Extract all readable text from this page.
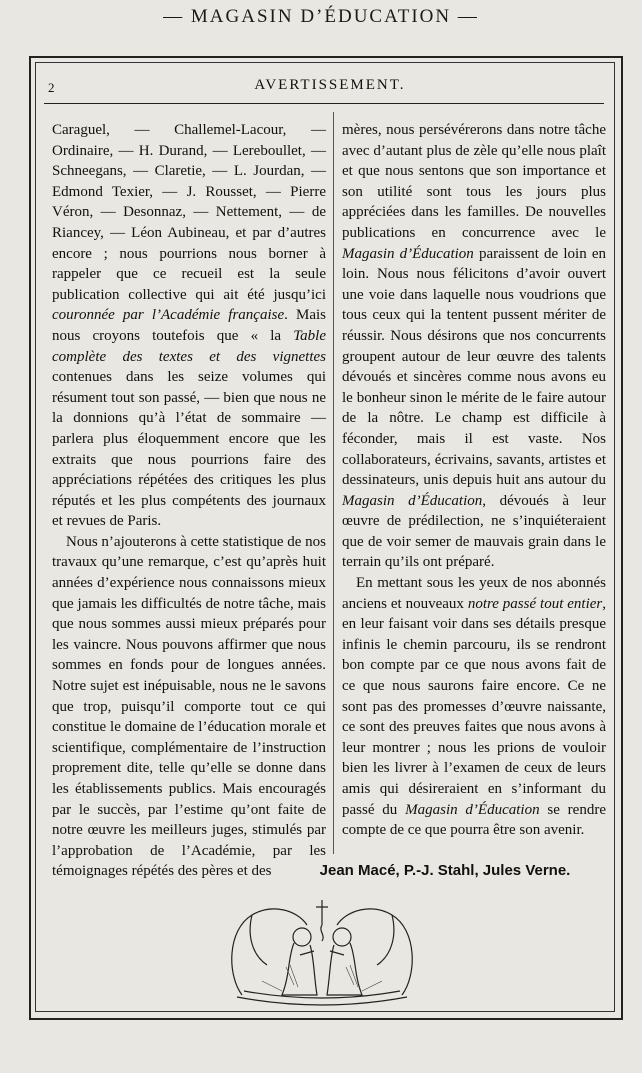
— MAGASIN D’ÉDUCATION —
2	AVERTISSEMENT.

Caraguel, — Challemel-Lacour, — Ordinaire, — H. Durand, — Lereboullet, — Schneegans, — Claretie, — L. Jourdan, — Edmond Texier, — J. Rousset, — Pierre Véron, — Desonnaz, — Nettement, — de Riancey, — Léon Aubineau, et par d’autres encore ; nous pourrions nous borner à rappeler que ce recueil est la seule publication collective qui ait été jusqu’ici couronnée par l’Académie française. Mais nous croyons toutefois que « la Table complète des textes et des vignettes contenues dans les seize volumes qui résument tout son passé, — bien que nous ne la donnions qu’à l’état de sommaire — parlera plus éloquemment encore que les extraits que nous pourrions faire des appréciations répétées des critiques les plus réputés et les plus compétents des journaux et revues de Paris.

Nous n’ajouterons à cette statistique de nos travaux qu’une remarque, c’est qu’après huit années d’expérience nous connaissons mieux que jamais les difficultés de notre tâche, mais que nous sommes aussi mieux préparés pour les vaincre. Nous pouvons affirmer que nous sommes en fonds pour de longues années. Notre sujet est inépuisable, nous ne le savons que trop, puisqu’il comporte tout ce qui constitue le domaine de l’éducation morale et scientifique, complémentaire de l’instruction proprement dite, telle qu’elle se donne dans les établissements publics. Mais encouragés par le succès, par l’estime qu’ont faite de notre œuvre les meilleurs juges, stimulés par l’approbation de l’Académie, par les témoignages répétés des pères et des

mères, nous persévérerons dans notre tâche avec d’autant plus de zèle qu’elle nous plaît et que nous sentons que son importance et son utilité sont tous les jours plus appréciées dans les familles. De nouvelles publications en concurrence avec le Magasin d’Éducation paraissent de loin en loin. Nous nous félicitons d’avoir ouvert une voie dans laquelle nous voudrions que tous ceux qui la tentent pussent mériter de réussir. Nous désirons que nos concurrents groupent autour de leur œuvre des talents dévoués et sincères comme nous avons eu le bonheur sinon le mérite de le faire autour de la nôtre. Le champ est difficile à féconder, mais il est vaste. Nos collaborateurs, écrivains, savants, artistes et dessinateurs, unis depuis huit ans autour du Magasin d’Éducation, dévoués à leur œuvre de prédilection, ne s’inquiéteraient que de voir semer de mauvais grain dans le terrain qu’ils ont préparé.

En mettant sous les yeux de nos abonnés anciens et nouveaux notre passé tout entier, en leur faisant voir dans ses détails presque infinis le chemin parcouru, ils se rendront bon compte par ce que nous avons fait de ce que nous saurons faire encore. Ce ne sont pas des promesses d’œuvre naissante, ce sont des preuves faites que nous avons à leur montrer ; nous les prions de vouloir bien les livrer à l’examen de ceux de leurs amis qui désireraient en s’informant du passé du Magasin d’Éducation se rendre compte de ce que pourra être son avenir.

Jean Macé, P.-J. Stahl, Jules Verne.
